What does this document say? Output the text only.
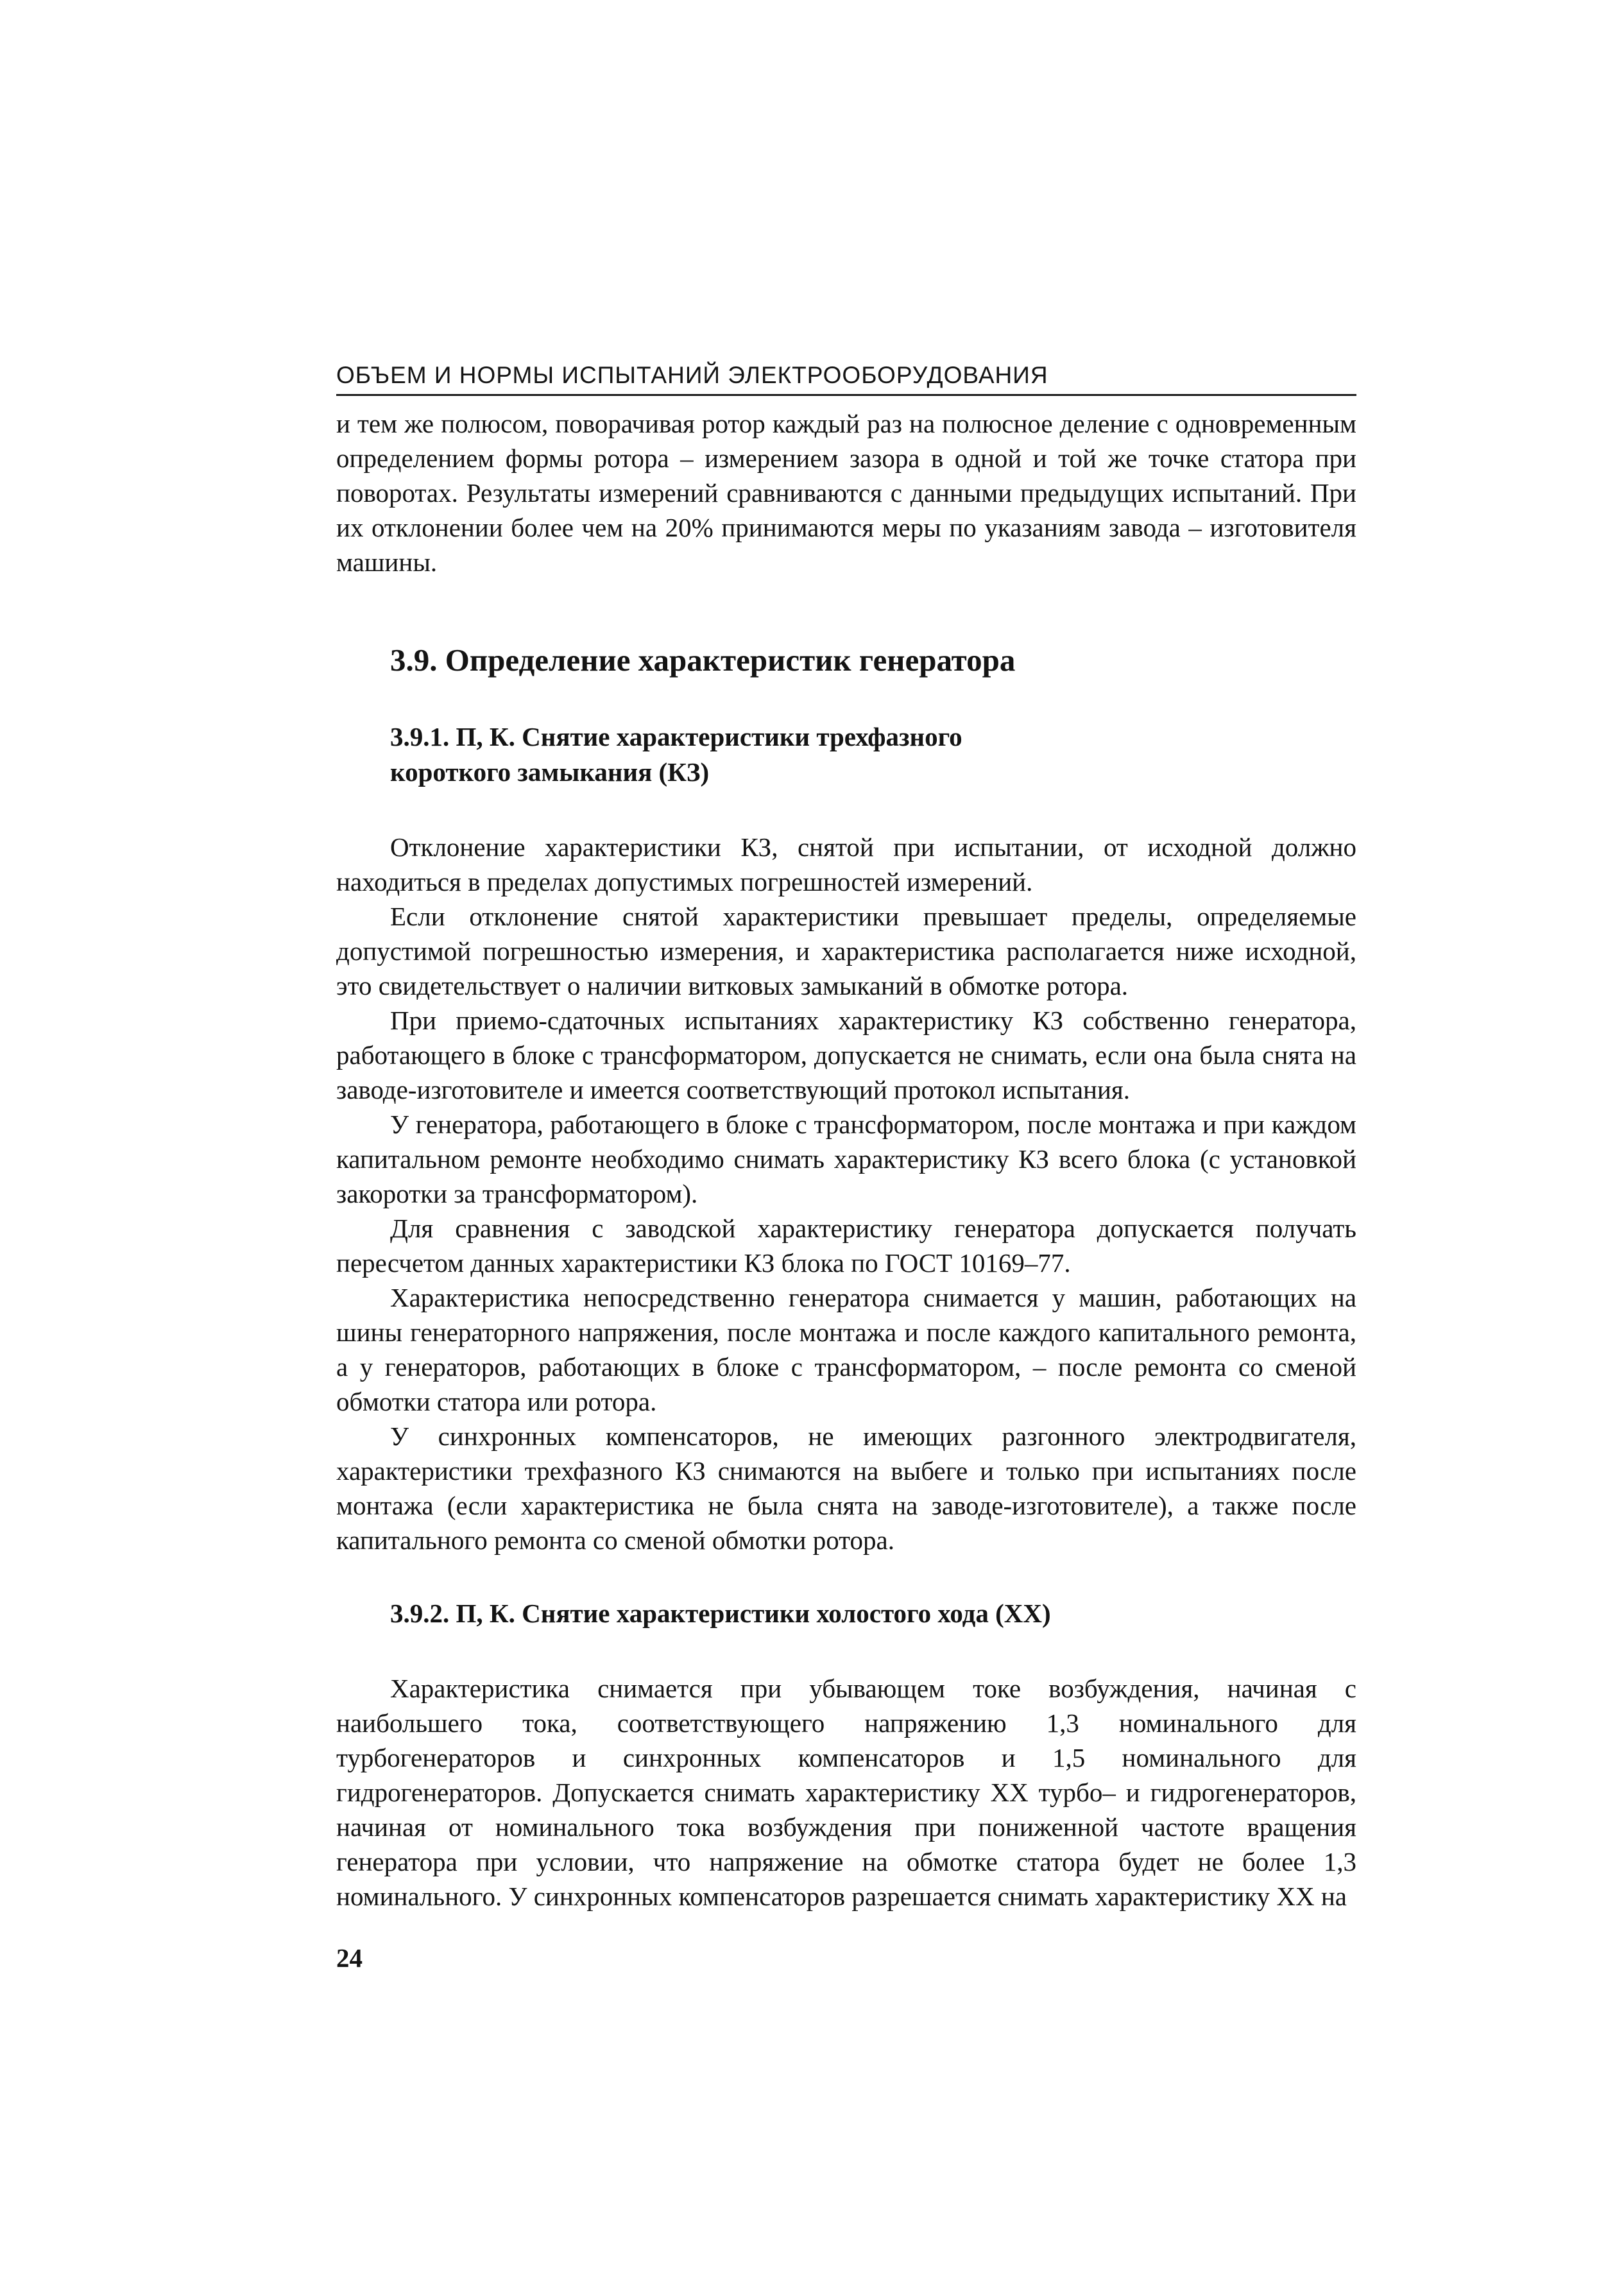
ОБЪЕМ И НОРМЫ ИСПЫТАНИЙ ЭЛЕКТРООБОРУДОВАНИЯ

и тем же полюсом, поворачивая ротор каждый раз на полюсное деление с одновременным определением формы ротора – измерением зазора в одной и той же точке статора при поворотах. Результаты измерений сравниваются с данными предыдущих испытаний. При их отклонении более чем на 20% принимаются меры по указаниям завода – изготовителя машины.

3.9. Определение характеристик генератора
3.9.1. П, К. Снятие характеристики трехфазного короткого замыкания (КЗ)

Отклонение характеристики КЗ, снятой при испытании, от исходной должно находиться в пределах допустимых погрешностей измерений.

Если отклонение снятой характеристики превышает пределы, определяемые допустимой погрешностью измерения, и характеристика располагается ниже исходной, это свидетельствует о наличии витковых замыканий в обмотке ротора.

При приемо-сдаточных испытаниях характеристику КЗ собственно генератора, работающего в блоке с трансформатором, допускается не снимать, если она была снята на заводе-изготовителе и имеется соответствующий протокол испытания.

У генератора, работающего в блоке с трансформатором, после монтажа и при каждом капитальном ремонте необходимо снимать характеристику КЗ всего блока (с установкой закоротки за трансформатором).

Для сравнения с заводской характеристику генератора допускается получать пересчетом данных характеристики КЗ блока по ГОСТ 10169–77.

Характеристика непосредственно генератора снимается у машин, работающих на шины генераторного напряжения, после монтажа и после каждого капитального ремонта, а у генераторов, работающих в блоке с трансформатором, – после ремонта со сменой обмотки статора или ротора.

У синхронных компенсаторов, не имеющих разгонного электродвигателя, характеристики трехфазного КЗ снимаются на выбеге и только при испытаниях после монтажа (если характеристика не была снята на заводе-изготовителе), а также после капитального ремонта со сменой обмотки ротора.

3.9.2. П, К. Снятие характеристики холостого хода (ХХ)

Характеристика снимается при убывающем токе возбуждения, начиная с наибольшего тока, соответствующего напряжению 1,3 номинального для турбогенераторов и синхронных компенсаторов и 1,5 номинального для гидрогенераторов. Допускается снимать характеристику ХХ турбо– и гидрогенераторов, начиная от номинального тока возбуждения при пониженной частоте вращения генератора при условии, что напряжение на обмотке статора будет не более 1,3 номинального. У синхронных компенсаторов разрешается снимать характеристику ХХ на

24
